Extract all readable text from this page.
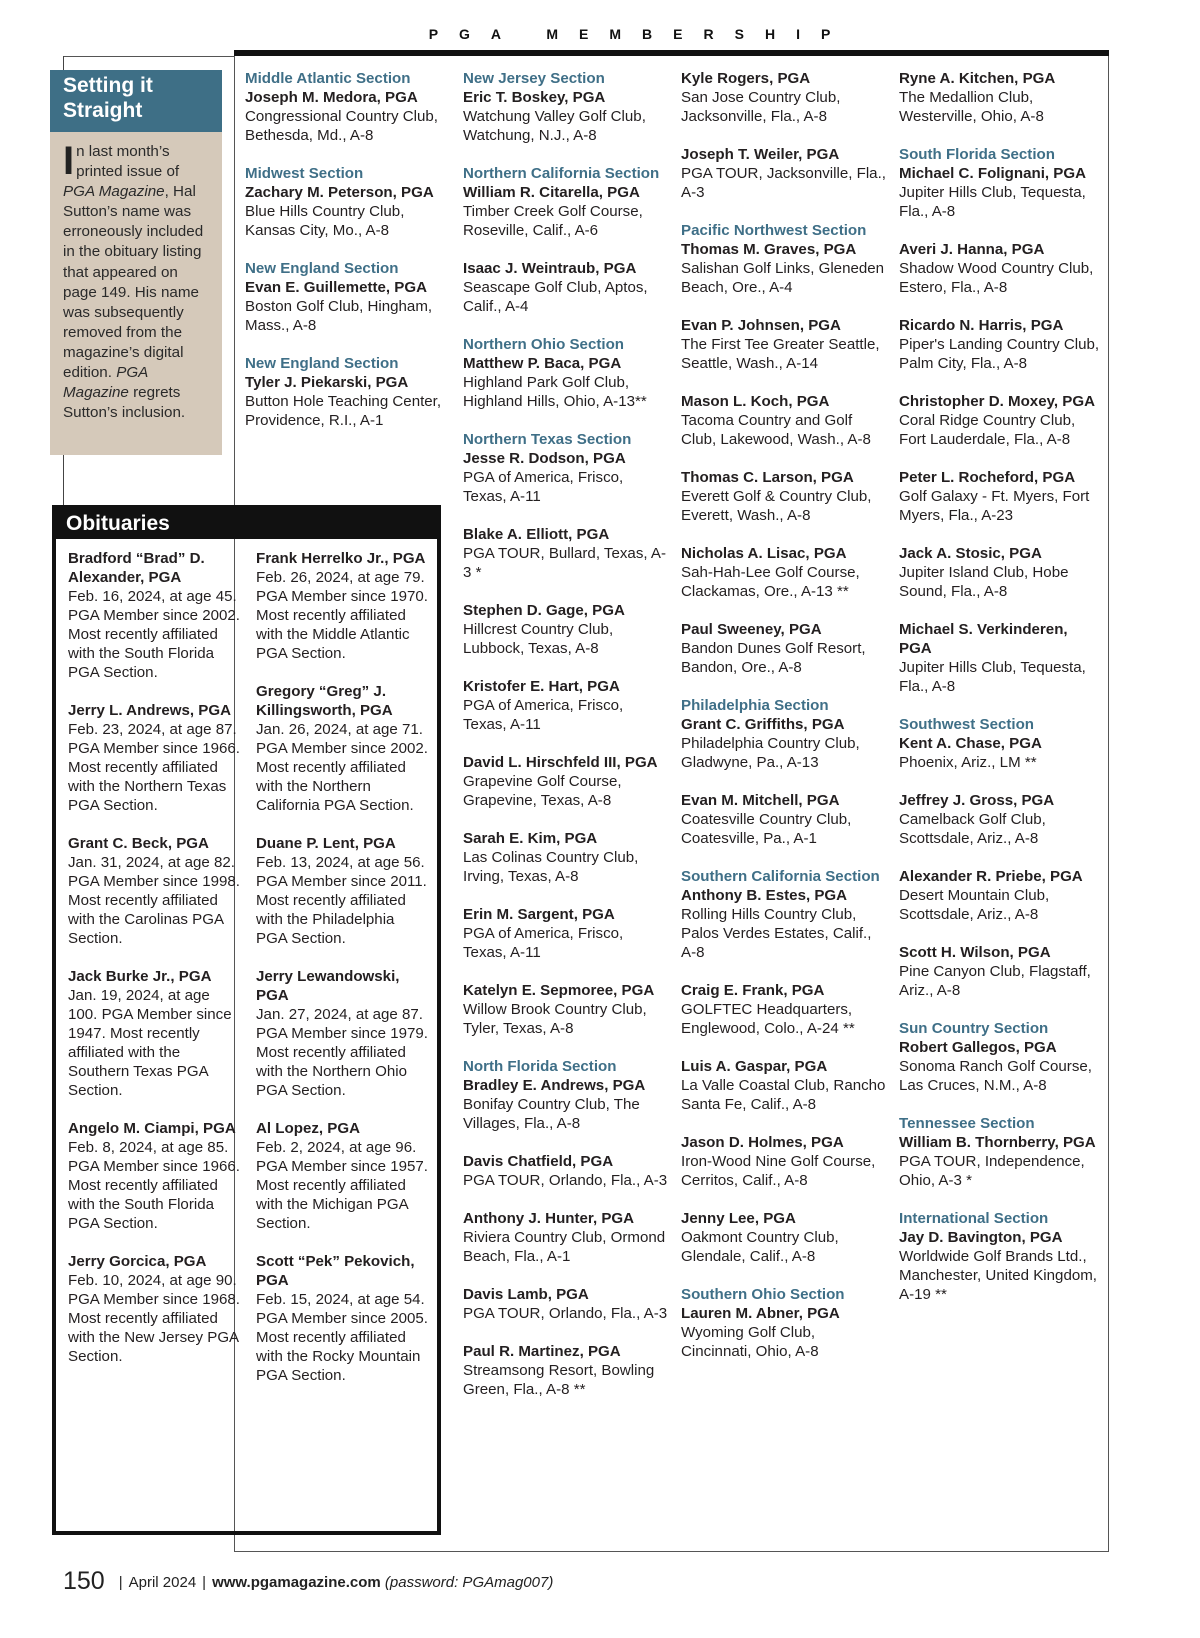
PGA MEMBERSHIP
Setting it Straight
In last month’s printed issue of PGA Magazine, Hal Sutton’s name was erroneously included in the obituary listing that appeared on page 149. His name was subsequently removed from the magazine’s digital edition. PGA Magazine regrets Sutton’s inclusion.
Obituaries
Bradford “Brad” D. Alexander, PGA
Feb. 16, 2024, at age 45. PGA Member since 2002. Most recently affiliated with the South Florida PGA Section.
Jerry L. Andrews, PGA
Feb. 23, 2024, at age 87. PGA Member since 1966. Most recently affiliated with the Northern Texas PGA Section.
Grant C. Beck, PGA
Jan. 31, 2024, at age 82. PGA Member since 1998. Most recently affiliated with the Carolinas PGA Section.
Jack Burke Jr., PGA
Jan. 19, 2024, at age 100. PGA Member since 1947. Most recently affiliated with the Southern Texas PGA Section.
Angelo M. Ciampi, PGA
Feb. 8, 2024, at age 85. PGA Member since 1966. Most recently affiliated with the South Florida PGA Section.
Jerry Gorcica, PGA
Feb. 10, 2024, at age 90. PGA Member since 1968. Most recently affiliated with the New Jersey PGA Section.
Frank Herrelko Jr., PGA
Feb. 26, 2024, at age 79. PGA Member since 1970. Most recently affiliated with the Middle Atlantic PGA Section.
Gregory “Greg” J. Killingsworth, PGA
Jan. 26, 2024, at age 71. PGA Member since 2002. Most recently affiliated with the Northern California PGA Section.
Duane P. Lent, PGA
Feb. 13, 2024, at age 56. PGA Member since 2011. Most recently affiliated with the Philadelphia PGA Section.
Jerry Lewandowski, PGA
Jan. 27, 2024, at age 87. PGA Member since 1979. Most recently affiliated with the Northern Ohio PGA Section.
Al Lopez, PGA
Feb. 2, 2024, at age 96. PGA Member since 1957. Most recently affiliated with the Michigan PGA Section.
Scott “Pek” Pekovich, PGA
Feb. 15, 2024, at age 54. PGA Member since 2005. Most recently affiliated with the Rocky Mountain PGA Section.
Middle Atlantic Section
Joseph M. Medora, PGA
Congressional Country Club, Bethesda, Md., A-8
Midwest Section
Zachary M. Peterson, PGA
Blue Hills Country Club, Kansas City, Mo., A-8
New England Section
Evan E. Guillemette, PGA
Boston Golf Club, Hingham, Mass., A-8
New England Section
Tyler J. Piekarski, PGA
Button Hole Teaching Center, Providence, R.I., A-1
New Jersey Section
Eric T. Boskey, PGA
Watchung Valley Golf Club, Watchung, N.J., A-8
Northern California Section
William R. Citarella, PGA
Timber Creek Golf Course, Roseville, Calif., A-6
Isaac J. Weintraub, PGA
Seascape Golf Club, Aptos, Calif., A-4
Northern Ohio Section
Matthew P. Baca, PGA
Highland Park Golf Club, Highland Hills, Ohio, A-13**
Northern Texas Section
Jesse R. Dodson, PGA
PGA of America, Frisco, Texas, A-11
Blake A. Elliott, PGA
PGA TOUR, Bullard, Texas, A-3 *
Stephen D. Gage, PGA
Hillcrest Country Club, Lubbock, Texas, A-8
Kristofer E. Hart, PGA
PGA of America, Frisco, Texas, A-11
David L. Hirschfeld III, PGA
Grapevine Golf Course, Grapevine, Texas, A-8
Sarah E. Kim, PGA
Las Colinas Country Club, Irving, Texas, A-8
Erin M. Sargent, PGA
PGA of America, Frisco, Texas, A-11
Katelyn E. Sepmoree, PGA
Willow Brook Country Club, Tyler, Texas, A-8
North Florida Section
Bradley E. Andrews, PGA
Bonifay Country Club, The Villages, Fla., A-8
Davis Chatfield, PGA
PGA TOUR, Orlando, Fla., A-3
Anthony J. Hunter, PGA
Riviera Country Club, Ormond Beach, Fla., A-1
Davis Lamb, PGA
PGA TOUR, Orlando, Fla., A-3
Paul R. Martinez, PGA
Streamsong Resort, Bowling Green, Fla., A-8 **
Kyle Rogers, PGA
San Jose Country Club, Jacksonville, Fla., A-8
Joseph T. Weiler, PGA
PGA TOUR, Jacksonville, Fla., A-3
Pacific Northwest Section
Thomas M. Graves, PGA
Salishan Golf Links, Gleneden Beach, Ore., A-4
Evan P. Johnsen, PGA
The First Tee Greater Seattle, Seattle, Wash., A-14
Mason L. Koch, PGA
Tacoma Country and Golf Club, Lakewood, Wash., A-8
Thomas C. Larson, PGA
Everett Golf & Country Club, Everett, Wash., A-8
Nicholas A. Lisac, PGA
Sah-Hah-Lee Golf Course, Clackamas, Ore., A-13 **
Paul Sweeney, PGA
Bandon Dunes Golf Resort, Bandon, Ore., A-8
Philadelphia Section
Grant C. Griffiths, PGA
Philadelphia Country Club, Gladwyne, Pa., A-13
Evan M. Mitchell, PGA
Coatesville Country Club, Coatesville, Pa., A-1
Southern California Section
Anthony B. Estes, PGA
Rolling Hills Country Club, Palos Verdes Estates, Calif., A-8
Craig E. Frank, PGA
GOLFTEC Headquarters, Englewood, Colo., A-24 **
Luis A. Gaspar, PGA
La Valle Coastal Club, Rancho Santa Fe, Calif., A-8
Jason D. Holmes, PGA
Iron-Wood Nine Golf Course, Cerritos, Calif., A-8
Jenny Lee, PGA
Oakmont Country Club, Glendale, Calif., A-8
Southern Ohio Section
Lauren M. Abner, PGA
Wyoming Golf Club, Cincinnati, Ohio, A-8
Ryne A. Kitchen, PGA
The Medallion Club, Westerville, Ohio, A-8
South Florida Section
Michael C. Folignani, PGA
Jupiter Hills Club, Tequesta, Fla., A-8
Averi J. Hanna, PGA
Shadow Wood Country Club, Estero, Fla., A-8
Ricardo N. Harris, PGA
Piper's Landing Country Club, Palm City, Fla., A-8
Christopher D. Moxey, PGA
Coral Ridge Country Club, Fort Lauderdale, Fla., A-8
Peter L. Rocheford, PGA
Golf Galaxy - Ft. Myers, Fort Myers, Fla., A-23
Jack A. Stosic, PGA
Jupiter Island Club, Hobe Sound, Fla., A-8
Michael S. Verkinderen, PGA
Jupiter Hills Club, Tequesta, Fla., A-8
Southwest Section
Kent A. Chase, PGA
Phoenix, Ariz., LM **
Jeffrey J. Gross, PGA
Camelback Golf Club, Scottsdale, Ariz., A-8
Alexander R. Priebe, PGA
Desert Mountain Club, Scottsdale, Ariz., A-8
Scott H. Wilson, PGA
Pine Canyon Club, Flagstaff, Ariz., A-8
Sun Country Section
Robert Gallegos, PGA
Sonoma Ranch Golf Course, Las Cruces, N.M., A-8
Tennessee Section
William B. Thornberry, PGA
PGA TOUR, Independence, Ohio, A-3 *
International Section
Jay D. Bavington, PGA
Worldwide Golf Brands Ltd., Manchester, United Kingdom, A-19 **
150 | April 2024 | www.pgamagazine.com (password: PGAmag007)
